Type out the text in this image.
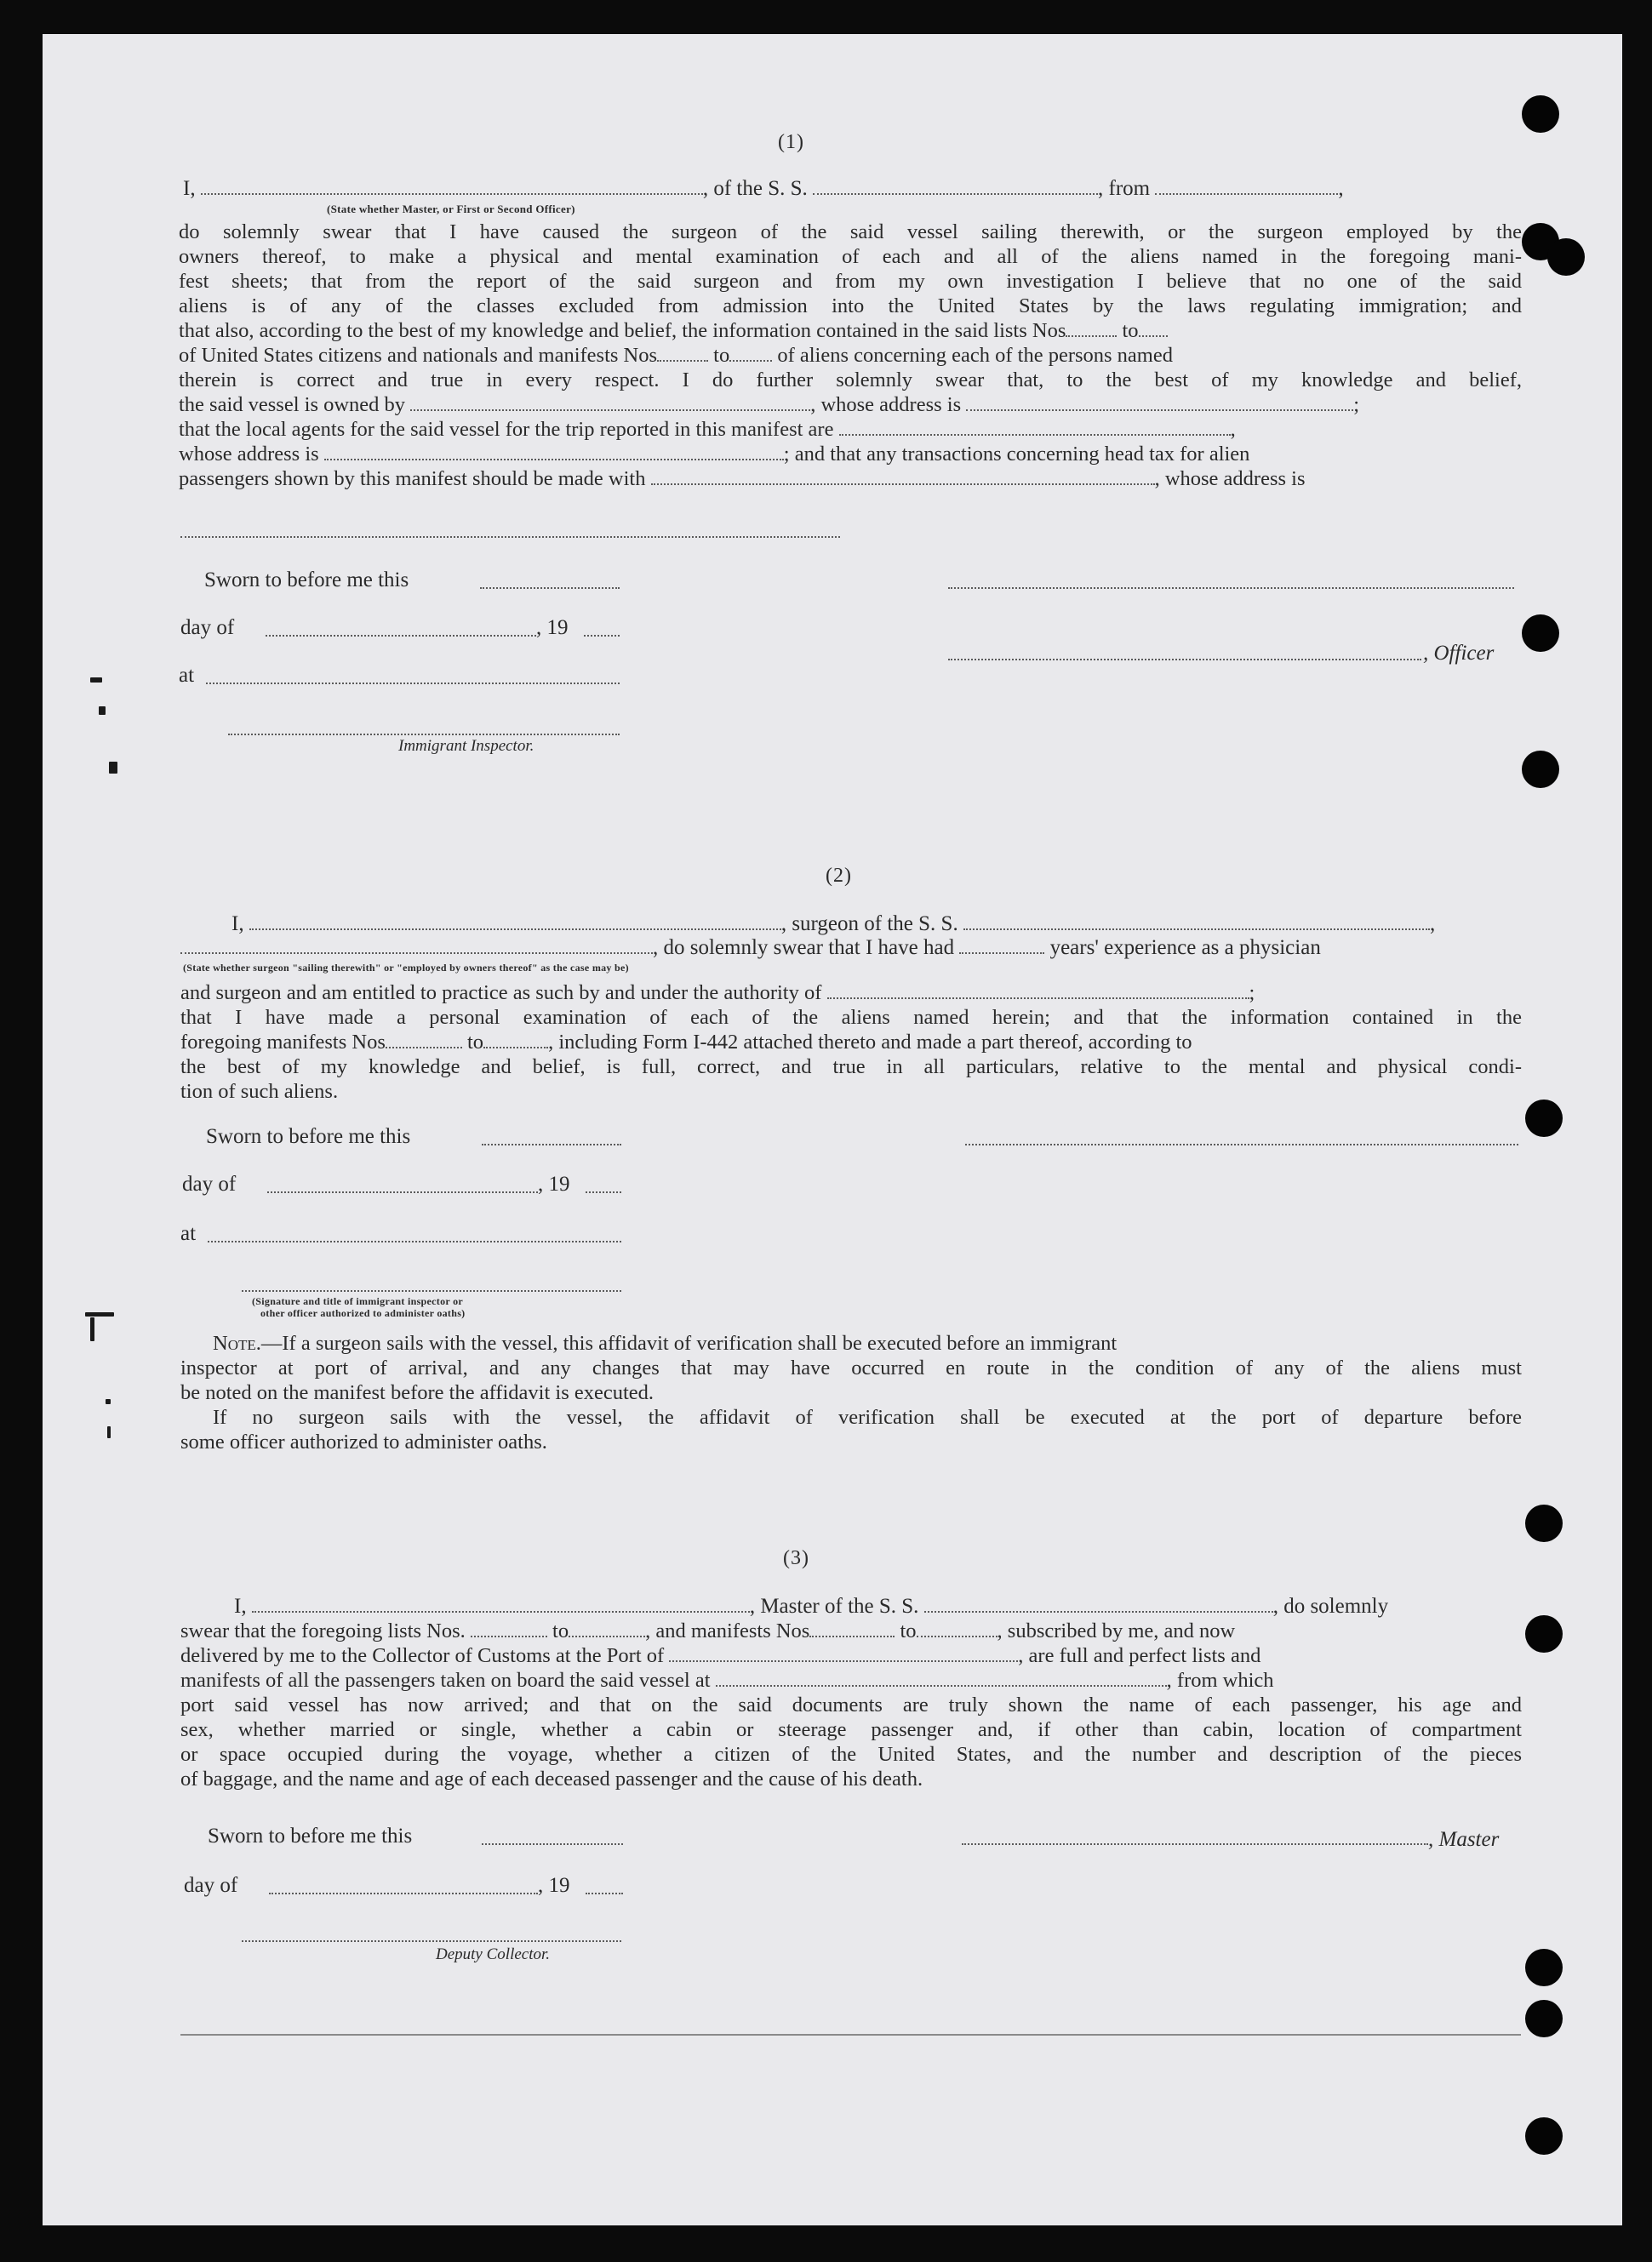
(1)
I,	, of the S. S.	, from	,
(State whether Master, or First or Second Officer)
do solemnly swear that I have caused the surgeon of the said vessel sailing therewith, or the surgeon employed by the
owners thereof, to make a physical and mental examination of each and all of the aliens named in the foregoing mani-
fest sheets; that from the report of the said surgeon and from my own investigation I believe that no one of the said
aliens is of any of the classes excluded from admission into the United States by the laws regulating immigration; and
that also, according to the best of my knowledge and belief, the information contained in the said lists Nos	to
of United States citizens and nationals and manifests Nos	to of aliens concerning each of the persons named
therein is correct and true in every respect. I do further solemnly swear that, to the best of my knowledge and belief,
the said vessel is owned by	, whose address is	;
that the local agents for the said vessel for the trip reported in this manifest are	,
whose address is	; and that any transactions concerning head tax for alien
passengers shown by this manifest should be made with	, whose address is
Sworn to before me this
day of	, 19
at
, Officer
Immigrant Inspector.
(2)
I,	, surgeon of the S. S.	,
, do solemnly swear that I have had	years' experience as a physician
(State whether surgeon "sailing therewith" or "employed by owners thereof" as the case may be)
and surgeon and am entitled to practice as such by and under the authority of	;
that I have made a personal examination of each of the aliens named herein; and that the information contained in the
foregoing manifests Nos	to	, including Form I-442 attached thereto and made a part thereof, according to
the best of my knowledge and belief, is full, correct, and true in all particulars, relative to the mental and physical condi-
tion of such aliens.
Sworn to before me this
day of	, 19
at
(Signature and title of immigrant inspector or
other officer authorized to administer oaths)
Note.—If a surgeon sails with the vessel, this affidavit of verification shall be executed before an immigrant
inspector at port of arrival, and any changes that may have occurred en route in the condition of any of the aliens must
be noted on the manifest before the affidavit is executed.
If no surgeon sails with the vessel, the affidavit of verification shall be executed at the port of departure before
some officer authorized to administer oaths.
(3)
I,	, Master of the S. S.	, do solemnly
swear that the foregoing lists Nos.	to	, and manifests Nos	to	, subscribed by me, and now
delivered by me to the Collector of Customs at the Port of	, are full and perfect lists and
manifests of all the passengers taken on board the said vessel at	, from which
port said vessel has now arrived; and that on the said documents are truly shown the name of each passenger, his age and
sex, whether married or single, whether a cabin or steerage passenger and, if other than cabin, location of compartment
or space occupied during the voyage, whether a citizen of the United States, and the number and description of the pieces
of baggage, and the name and age of each deceased passenger and the cause of his death.
Sworn to before me this	, Master
day of	, 19
Deputy Collector.
